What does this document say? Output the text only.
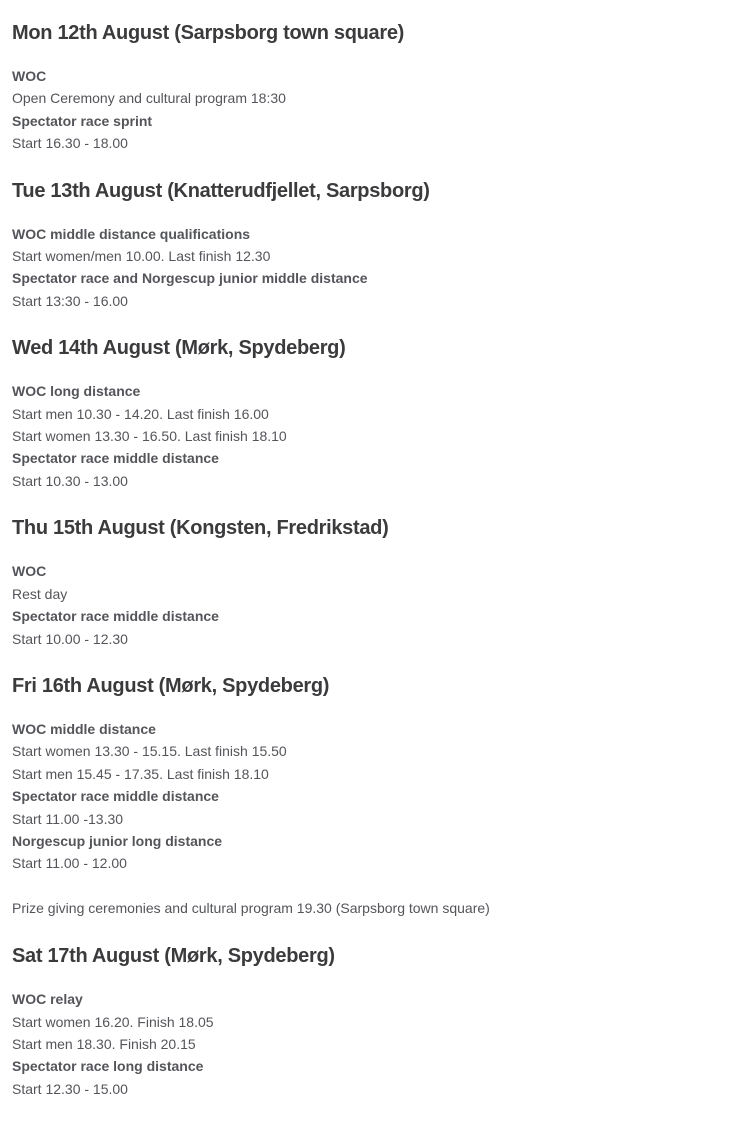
Mon 12th August (Sarpsborg town square)

WOC

Open Ceremony and cultural program 18:30

Spectator race sprint

Start 16.30 - 18.00

Tue 13th August (Knatterudfjellet, Sarpsborg)

WOC middle distance qualifications

Start women/men 10.00. Last finish 12.30

Spectator race and Norgescup junior middle distance

Start 13:30 - 16.00

Wed 14th August (Mørk, Spydeberg)

WOC long distance

Start men 10.30 - 14.20. Last finish 16.00

Start women 13.30 - 16.50. Last finish 18.10

Spectator race middle distance

Start 10.30 - 13.00

Thu 15th August (Kongsten, Fredrikstad)

WOC

Rest day

Spectator race middle distance

Start 10.00 - 12.30

Fri 16th August (Mørk, Spydeberg)

WOC middle distance

Start women 13.30 - 15.15. Last finish 15.50

Start men 15.45 - 17.35. Last finish 18.10

Spectator race middle distance

Start 11.00 -13.30

Norgescup junior long distance

Start 11.00 - 12.00

Prize giving ceremonies and cultural program 19.30 (Sarpsborg town square)

Sat 17th August (Mørk, Spydeberg)

WOC relay

Start women 16.20. Finish 18.05

Start men 18.30. Finish 20.15

Spectator race long distance

Start 12.30 - 15.00
